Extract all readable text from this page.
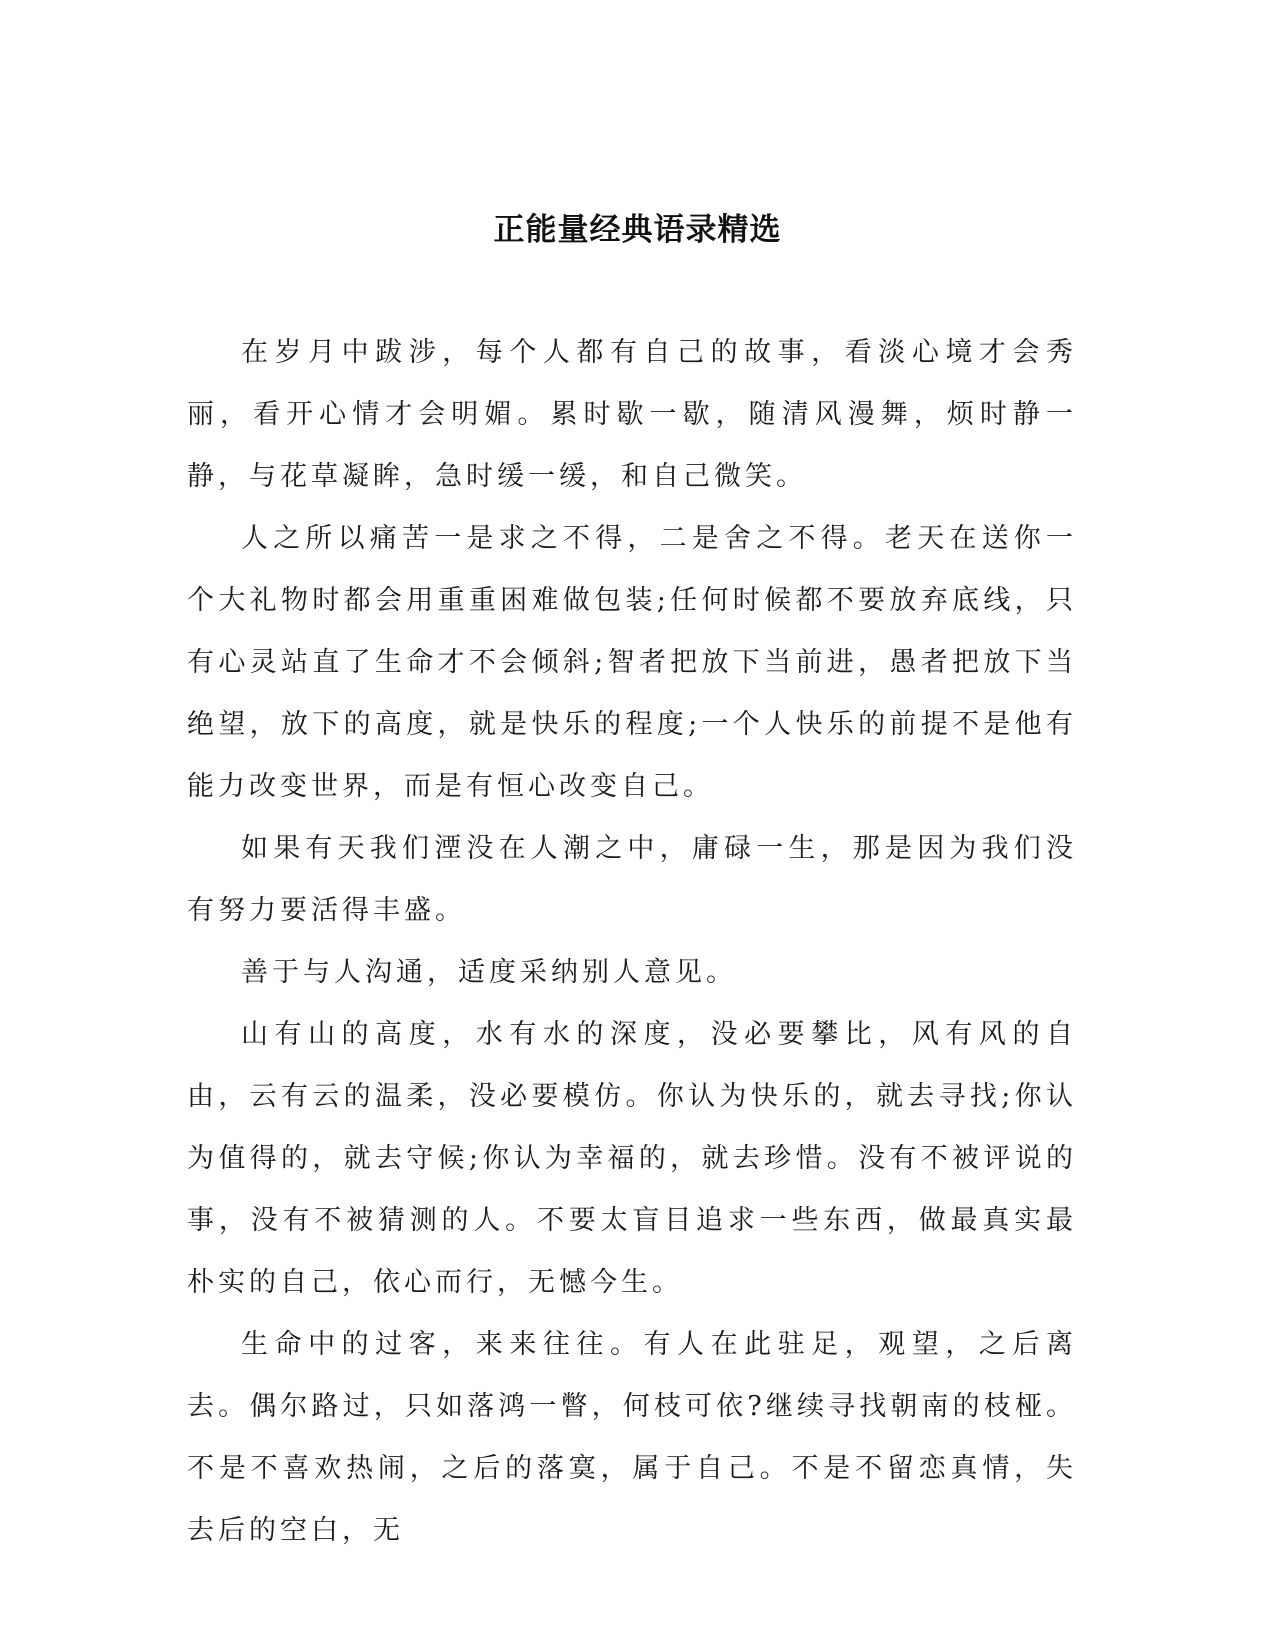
正能量经典语录精选

在岁月中跋涉，每个人都有自己的故事，看淡心境才会秀丽，看开心情才会明媚。累时歇一歇，随清风漫舞，烦时静一静，与花草凝眸，急时缓一缓，和自己微笑。

人之所以痛苦一是求之不得，二是舍之不得。老天在送你一个大礼物时都会用重重困难做包装;任何时候都不要放弃底线，只有心灵站直了生命才不会倾斜;智者把放下当前进，愚者把放下当绝望，放下的高度，就是快乐的程度;一个人快乐的前提不是他有能力改变世界，而是有恒心改变自己。

如果有天我们湮没在人潮之中，庸碌一生，那是因为我们没有努力要活得丰盛。

善于与人沟通，适度采纳别人意见。

山有山的高度，水有水的深度，没必要攀比，风有风的自由，云有云的温柔，没必要模仿。你认为快乐的，就去寻找;你认为值得的，就去守候;你认为幸福的，就去珍惜。没有不被评说的事，没有不被猜测的人。不要太盲目追求一些东西，做最真实最朴实的自己，依心而行，无憾今生。

生命中的过客，来来往往。有人在此驻足，观望，之后离去。偶尔路过，只如落鸿一瞥，何枝可依?继续寻找朝南的枝桠。不是不喜欢热闹，之后的落寞，属于自己。不是不留恋真情，失去后的空白，无
